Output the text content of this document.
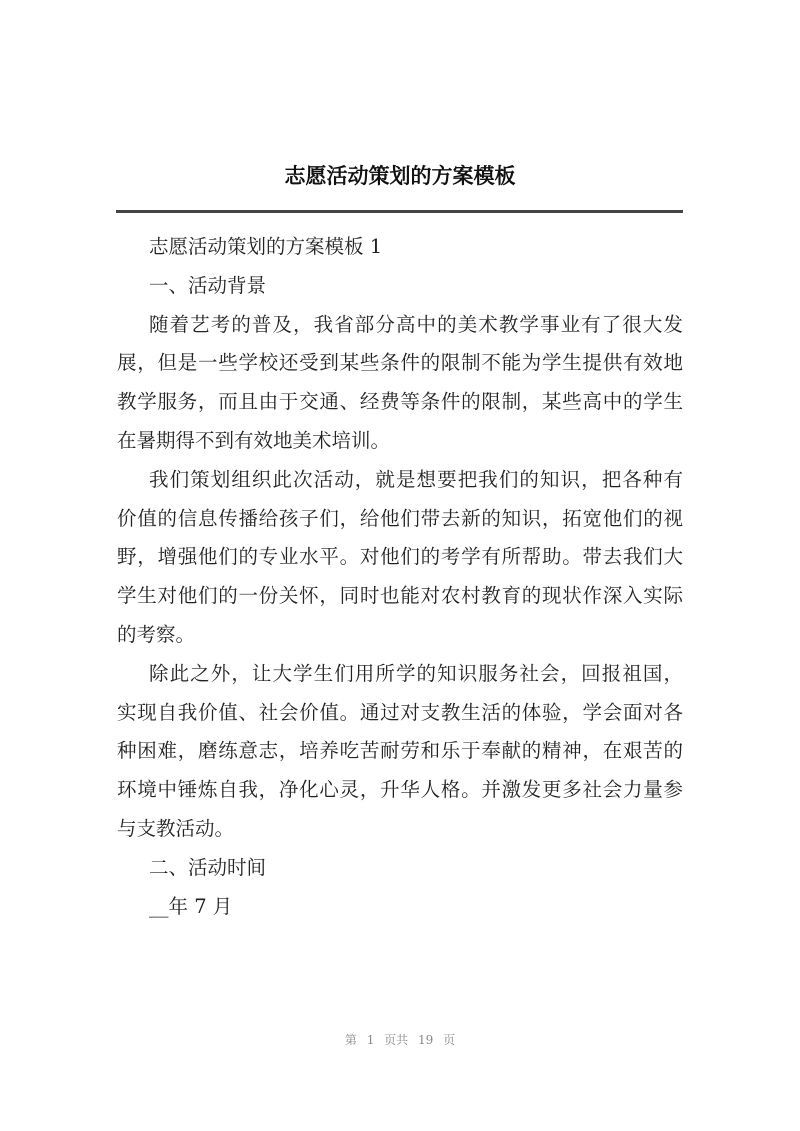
志愿活动策划的方案模板
志愿活动策划的方案模板 1
一、活动背景
随着艺考的普及，我省部分高中的美术教学事业有了很大发
展，但是一些学校还受到某些条件的限制不能为学生提供有效地
教学服务，而且由于交通、经费等条件的限制，某些高中的学生
在暑期得不到有效地美术培训。
我们策划组织此次活动，就是想要把我们的知识，把各种有
价值的信息传播给孩子们，给他们带去新的知识，拓宽他们的视
野，增强他们的专业水平。对他们的考学有所帮助。带去我们大
学生对他们的一份关怀，同时也能对农村教育的现状作深入实际
的考察。
除此之外，让大学生们用所学的知识服务社会，回报祖国，
实现自我价值、社会价值。通过对支教生活的体验，学会面对各
种困难，磨练意志，培养吃苦耐劳和乐于奉献的精神，在艰苦的
环境中锤炼自我，净化心灵，升华人格。并激发更多社会力量参
与支教活动。
二、活动时间
__年 7 月
第 1 页共 19 页
